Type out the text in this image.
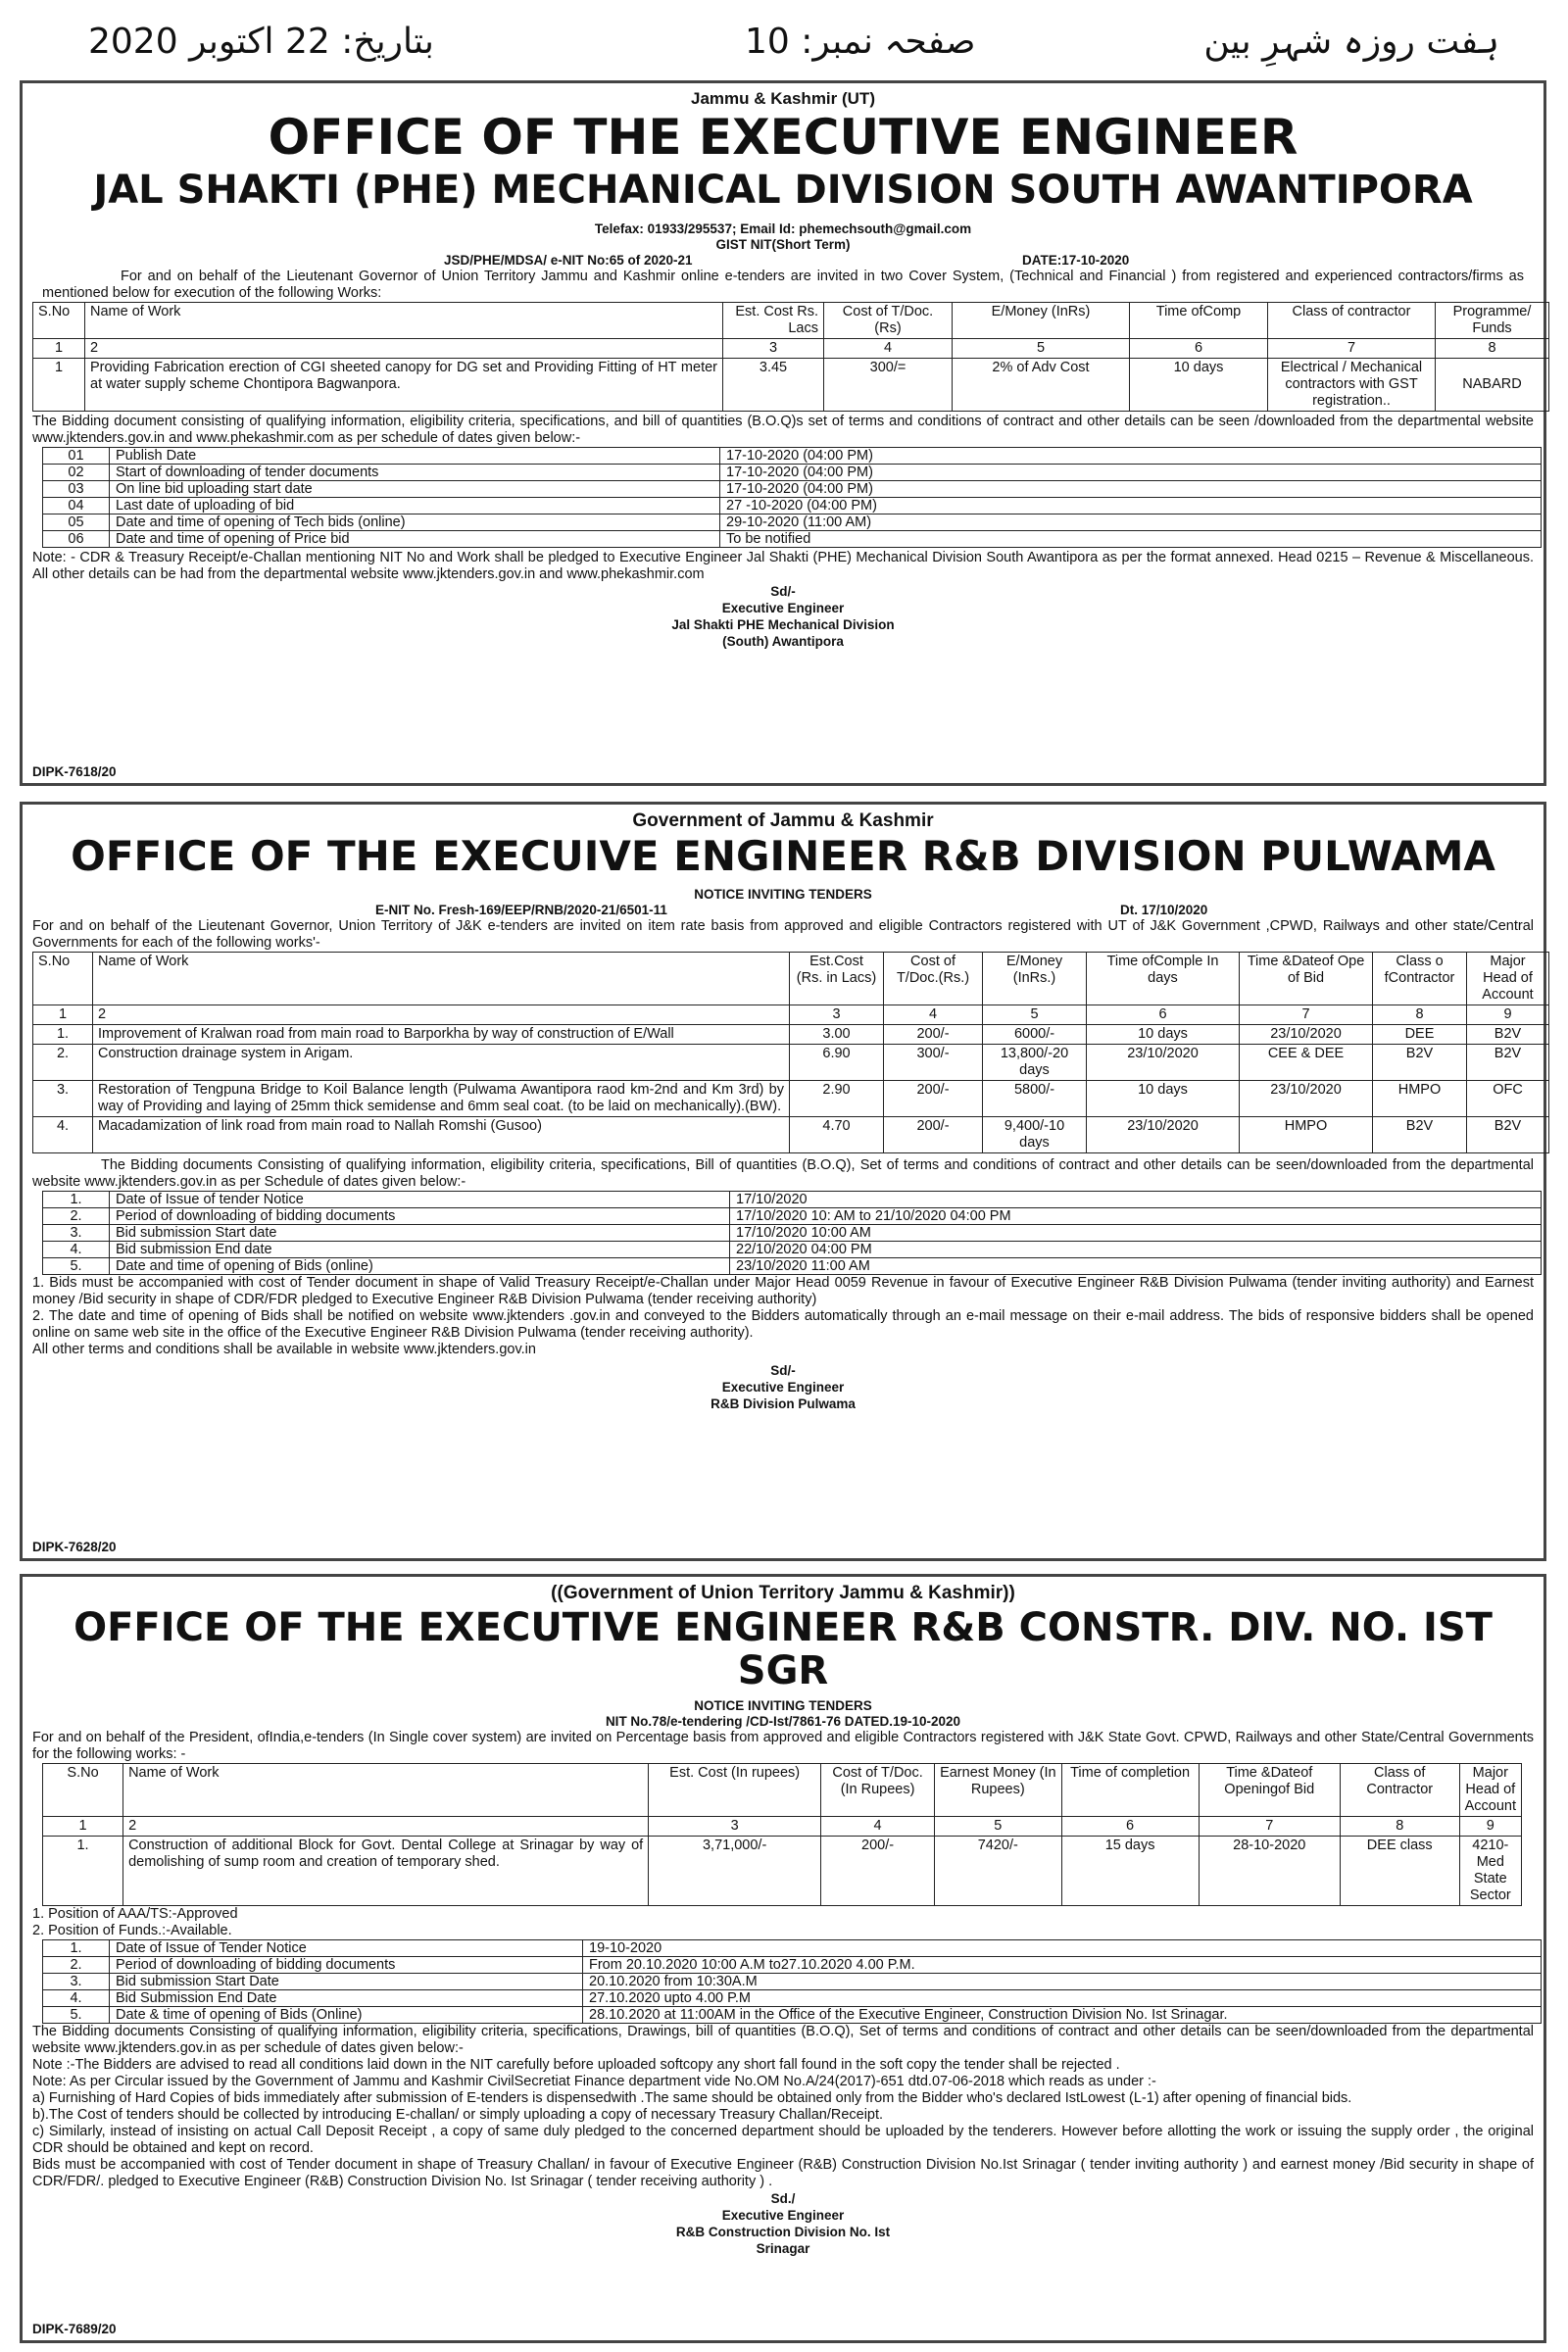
بتاریخ: 22 اکتوبر 2020	صفحہ نمبر: 10	ہفت روزہ شہرِ بین
Jammu & Kashmir (UT)
OFFICE OF THE EXECUTIVE ENGINEER
JAL SHAKTI (PHE) MECHANICAL DIVISION SOUTH AWANTIPORA
Telefax: 01933/295537; Email Id: phemechsouth@gmail.com
GIST NIT(Short Term)
JSD/PHE/MDSA/ e-NIT No:65 of 2020-21	DATE:17-10-2020
For and on behalf of the Lieutenant Governor of Union Territory Jammu and Kashmir online e-tenders are invited in two Cover System, (Technical and Financial ) from registered and experienced contractors/firms as mentioned below for execution of the following Works:
S.No	Name of Work	Est. Cost Rs. Lacs	Cost of T/Doc. (Rs)	E/Money (InRs)	Time ofComp	Class of contractor	Programme/ Funds
1	2	3	4	5	6	7	8
1	Providing Fabrication erection of CGI sheeted canopy for DG set and Providing Fitting of HT meter at water supply scheme Chontipora Bagwanpora.	3.45	300/=	2% of Adv Cost	10 days	Electrical / Mechanical contractors with GST registration..	NABARD
The Bidding document consisting of qualifying information, eligibility criteria, specifications, and bill of quantities (B.O.Q)s set of terms and conditions of contract and other details can be seen /downloaded from the departmental website www.jktenders.gov.in and www.phekashmir.com as per schedule of dates given below:-
01	Publish Date	17-10-2020 (04:00 PM)
02	Start of downloading of tender documents	17-10-2020 (04:00 PM)
03	On line bid uploading start date	17-10-2020 (04:00 PM)
04	Last date of uploading of bid	27 -10-2020 (04:00 PM)
05	Date and time of opening of Tech bids (online)	29-10-2020 (11:00 AM)
06	Date and time of opening of Price bid	To be notified
Note: - CDR & Treasury Receipt/e-Challan mentioning NIT No and Work shall be pledged to Executive Engineer Jal Shakti (PHE) Mechanical Division South Awantipora as per the format annexed. Head 0215 – Revenue & Miscellaneous. All other details can be had from the departmental website www.jktenders.gov.in and www.phekashmir.com
Sd/-
Executive Engineer
Jal Shakti PHE Mechanical Division
(South) Awantipora
DIPK-7618/20
Government of Jammu & Kashmir
OFFICE OF THE EXECUIVE ENGINEER R&B DIVISION PULWAMA
NOTICE INVITING TENDERS
E-NIT No. Fresh-169/EEP/RNB/2020-21/6501-11	Dt. 17/10/2020
For and on behalf of the Lieutenant Governor, Union Territory of J&K e-tenders are invited on item rate basis from approved and eligible Contractors registered with UT of J&K Government ,CPWD, Railways and other state/Central Governments for each of the following works'-
S.No	Name of Work	Est.Cost (Rs. in Lacs)	Cost of T/Doc.(Rs.)	E/Money (InRs.)	Time ofComple In days	Time &Dateof Ope of Bid	Class o fContractor	Major Head of Account
1	2	3	4	5	6	7	8	9
1.	Improvement of Kralwan road from main road to Barporkha by way of construction of E/Wall	3.00	200/-	6000/-	10 days	23/10/2020	DEE	B2V
2.	Construction drainage system in Arigam.	6.90	300/-	13,800/-20 days	23/10/2020	CEE & DEE	B2V	B2V
3.	Restoration of Tengpuna Bridge to Koil Balance length (Pulwama Awantipora raod km-2nd and Km 3rd) by way of Providing and laying of 25mm thick semidense and 6mm seal coat. (to be laid on mechanically).(BW).	2.90	200/-	5800/-	10 days	23/10/2020	HMPO	OFC
4.	Macadamization of link road from main road to Nallah Romshi (Gusoo)	4.70	200/-	9,400/-10 days	23/10/2020	HMPO	B2V	B2V
The Bidding documents Consisting of qualifying information, eligibility criteria, specifications, Bill of quantities (B.O.Q), Set of terms and conditions of contract and other details can be seen/downloaded from the departmental website www.jktenders.gov.in as per Schedule of dates given below:-
1.	Date of Issue of tender Notice	17/10/2020
2.	Period of downloading of bidding documents	17/10/2020 10: AM to 21/10/2020 04:00 PM
3.	Bid submission Start date	17/10/2020 10:00 AM
4.	Bid submission End date	22/10/2020 04:00 PM
5.	Date and time of opening of Bids (online)	23/10/2020 11:00 AM
1. Bids must be accompanied with cost of Tender document in shape of Valid Treasury Receipt/e-Challan under Major Head 0059 Revenue in favour of Executive Engineer R&B Division Pulwama (tender inviting authority) and Earnest money /Bid security in shape of CDR/FDR pledged to Executive Engineer R&B Division Pulwama (tender receiving authority)
2. The date and time of opening of Bids shall be notified on website www.jktenders .gov.in and conveyed to the Bidders automatically through an e-mail message on their e-mail address. The bids of responsive bidders shall be opened online on same web site in the office of the Executive Engineer R&B Division Pulwama (tender receiving authority).
All other terms and conditions shall be available in website www.jktenders.gov.in
Sd/-
Executive Engineer
R&B Division Pulwama
DIPK-7628/20
((Government of Union Territory Jammu & Kashmir))
OFFICE OF THE EXECUTIVE ENGINEER R&B CONSTR. DIV. NO. IST SGR
NOTICE INVITING TENDERS
NIT No.78/e-tendering /CD-Ist/7861-76 DATED.19-10-2020
For and on behalf of the President, ofIndia,e-tenders (In Single cover system) are invited on Percentage basis from approved and eligible Contractors registered with J&K State Govt. CPWD, Railways and other State/Central Governments for the following works: -
S.No	Name of Work	Est. Cost (In rupees)	Cost of T/Doc. (In Rupees)	Earnest Money (In Rupees)	Time of completion	Time &Dateof Openingof Bid	Class of Contractor	Major Head of Account
1	2	3	4	5	6	7	8	9
1.	Construction of additional Block for Govt. Dental College at Srinagar by way of demolishing of sump room and creation of temporary shed.	3,71,000/-	200/-	7420/-	15 days	28-10-2020	DEE class	4210- Med State Sector
1. Position of AAA/TS:-Approved
2. Position of Funds.:-Available.
1.	Date of Issue of Tender Notice	19-10-2020
2.	Period of downloading of bidding documents	From 20.10.2020 10:00 A.M to27.10.2020 4.00 P.M.
3.	Bid submission Start Date	20.10.2020 from 10:30A.M
4.	Bid Submission End Date	27.10.2020 upto 4.00 P.M
5.	Date & time of opening of Bids (Online)	28.10.2020 at 11:00AM in the Office of the Executive Engineer, Construction Division No. Ist Srinagar.
The Bidding documents Consisting of qualifying information, eligibility criteria, specifications, Drawings, bill of quantities (B.O.Q), Set of terms and conditions of contract and other details can be seen/downloaded from the departmental website www.jktenders.gov.in as per schedule of dates given below:-
Note :-The Bidders are advised to read all conditions laid down in the NIT carefully before uploaded softcopy any short fall found in the soft copy the tender shall be rejected .
Note: As per Circular issued by the Government of Jammu and Kashmir CivilSecretiat Finance department vide No.OM No.A/24(2017)-651 dtd.07-06-2018 which reads as under :-
a) Furnishing of Hard Copies of bids immediately after submission of E-tenders is dispensedwith .The same should be obtained only from the Bidder who's declared IstLowest (L-1) after opening of financial bids.
b).The Cost of tenders should be collected by introducing E-challan/ or simply uploading a copy of necessary Treasury Challan/Receipt.
c) Similarly, instead of insisting on actual Call Deposit Receipt , a copy of same duly pledged to the concerned department should be uploaded by the tenderers. However before allotting the work or issuing the supply order , the original CDR should be obtained and kept on record.
Bids must be accompanied with cost of Tender document in shape of Treasury Challan/ in favour of Executive Engineer (R&B) Construction Division No.Ist Srinagar ( tender inviting authority ) and earnest money /Bid security in shape of CDR/FDR/. pledged to Executive Engineer (R&B) Construction Division No. Ist Srinagar ( tender receiving authority ) .
Sd./
Executive Engineer
R&B Construction Division No. Ist
Srinagar
DIPK-7689/20
